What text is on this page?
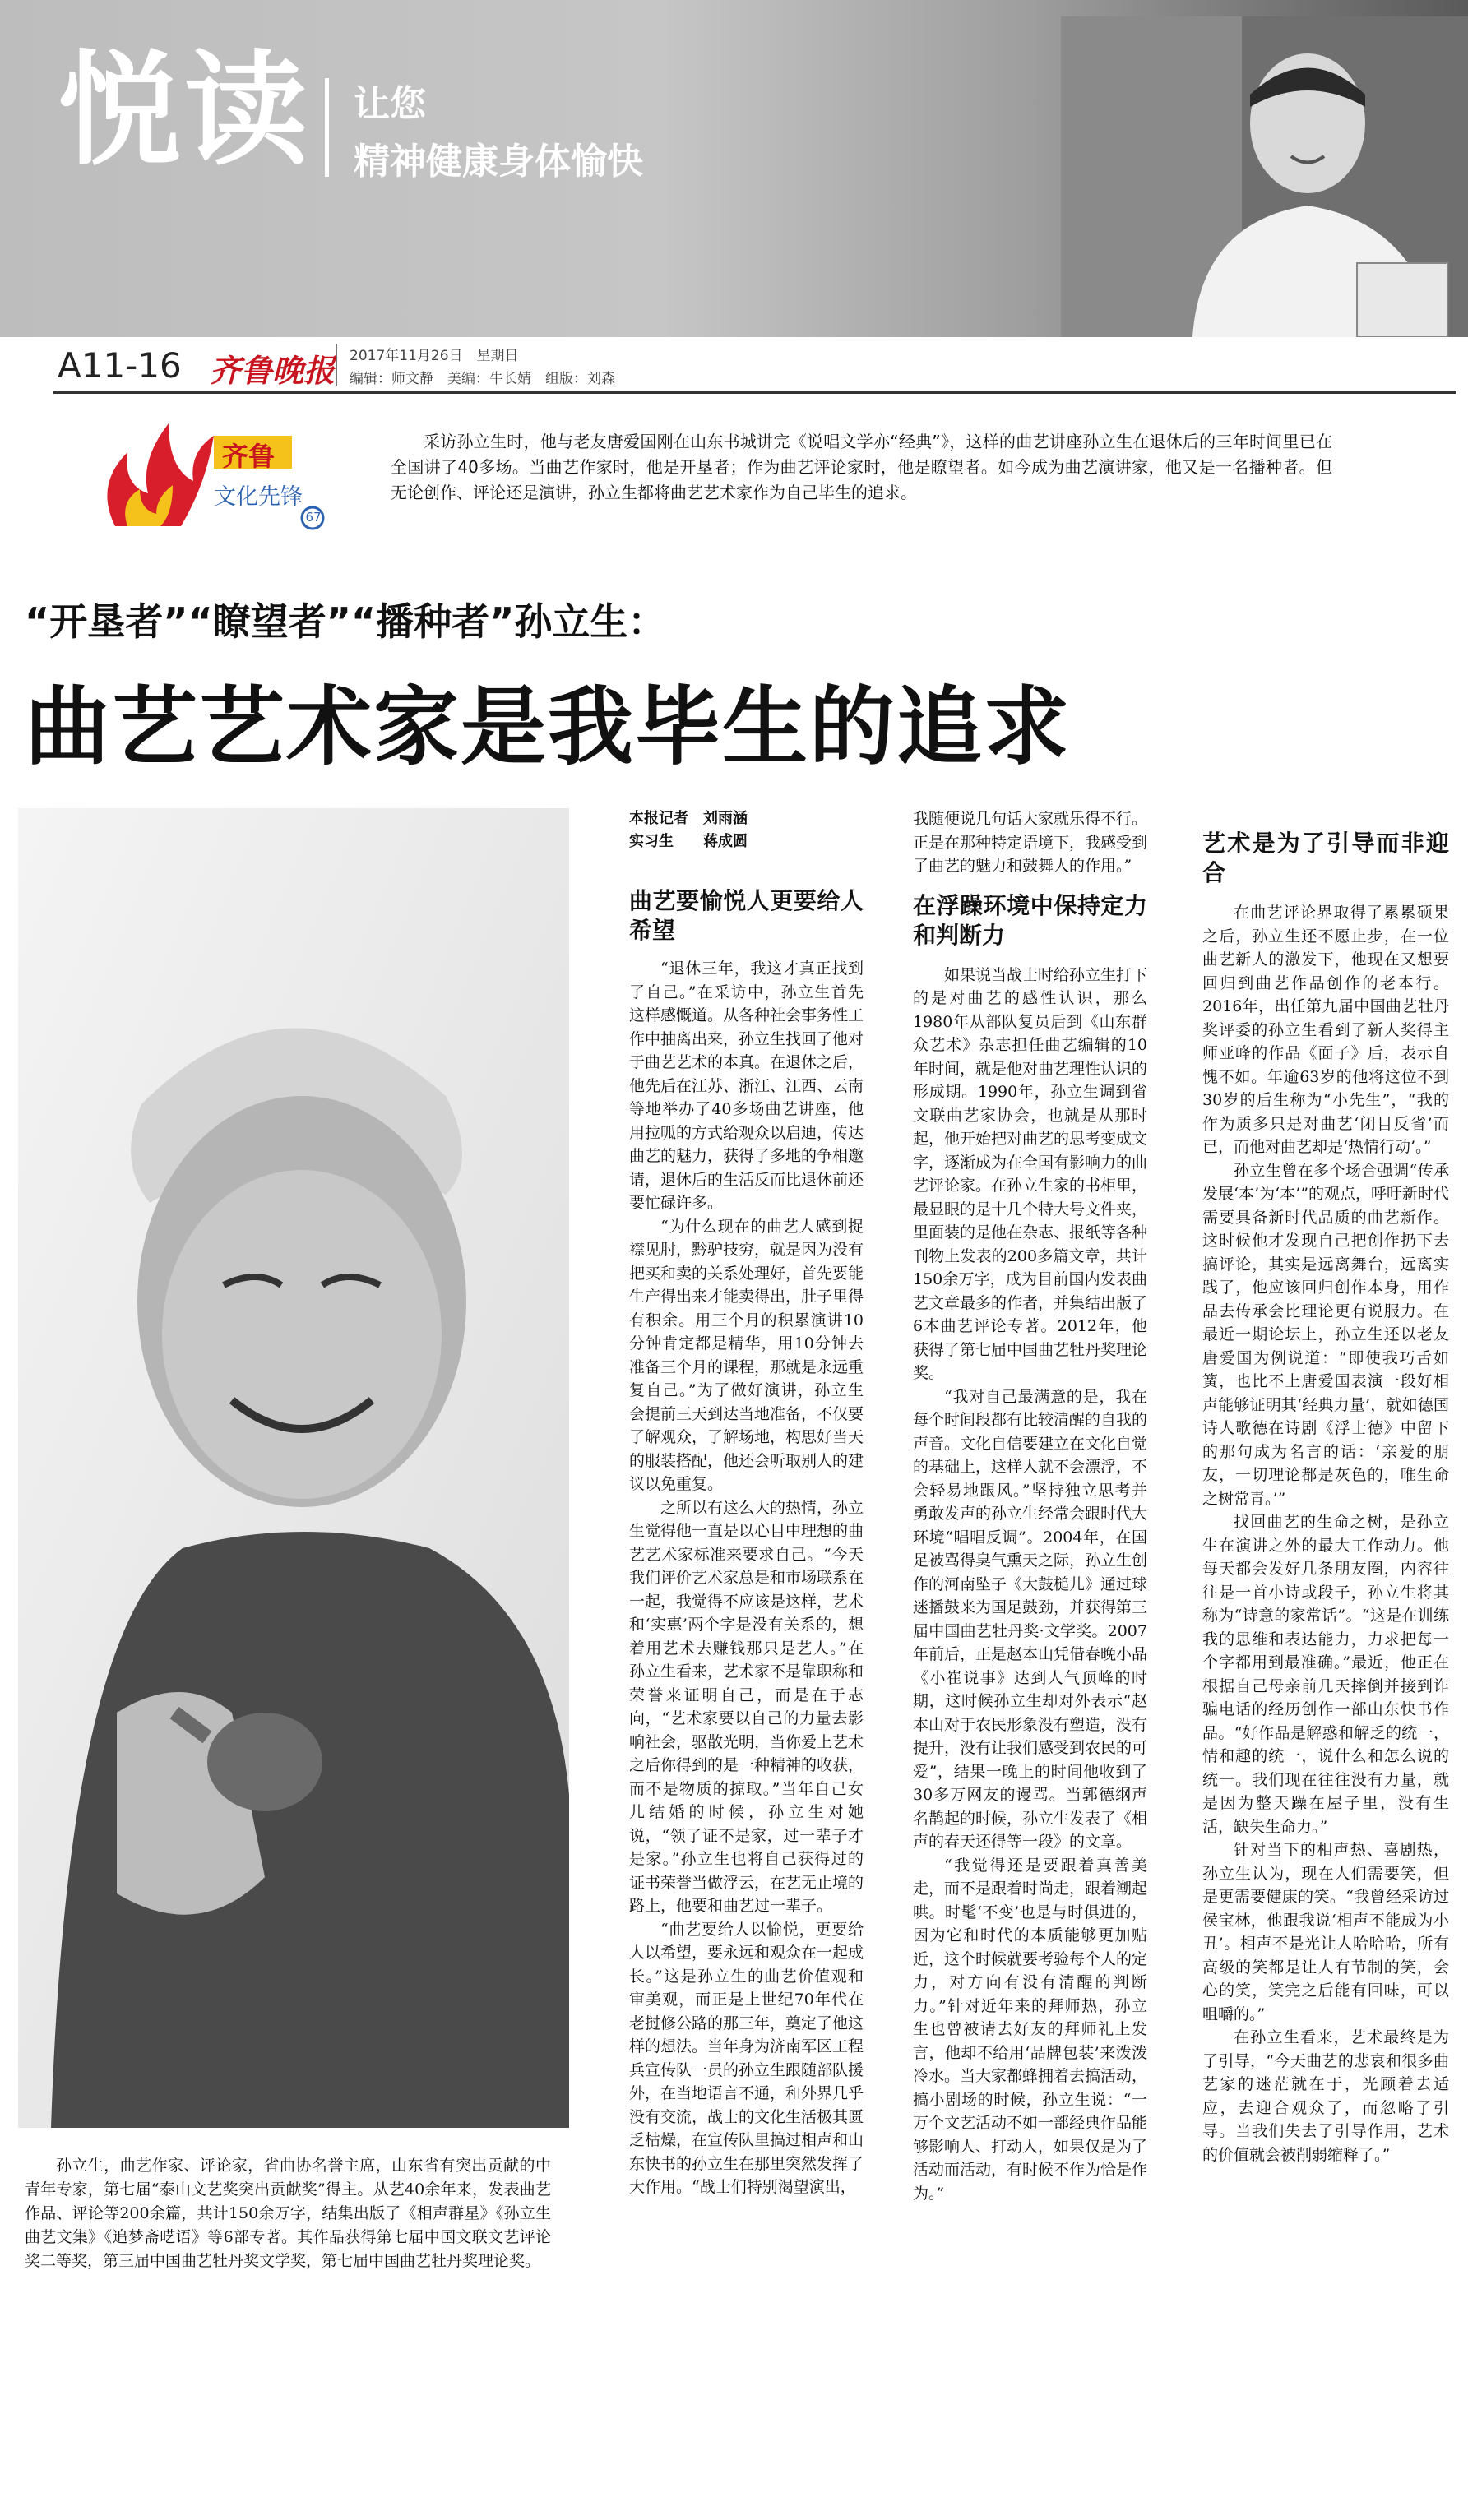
悦读 让您
精神健康身体愉快
A11-16 齐鲁晚报 2017年11月26日　星期日
编辑：师文静　美编：牛长婧　组版：刘森
齐鲁
文化先锋
67
采访孙立生时，他与老友唐爱国刚在山东书城讲完《说唱文学亦“经典”》，这样的曲艺讲座孙立生在退休后的三年时间里已在全国讲了40多场。当曲艺作家时，他是开垦者；作为曲艺评论家时，他是瞭望者。如今成为曲艺演讲家，他又是一名播种者。但无论创作、评论还是演讲，孙立生都将曲艺艺术家作为自己毕生的追求。
“开垦者”“瞭望者”“播种者”孙立生：
曲艺艺术家是我毕生的追求
孙立生，曲艺作家、评论家，省曲协名誉主席，山东省有突出贡献的中青年专家，第七届“泰山文艺奖突出贡献奖”得主。从艺40余年来，发表曲艺作品、评论等200余篇，共计150余万字，结集出版了《相声群星》《孙立生曲艺文集》《追梦斋呓语》等6部专著。其作品获得第七届中国文联文艺评论奖二等奖，第三届中国曲艺牡丹奖文学奖，第七届中国曲艺牡丹奖理论奖。
本报记者　刘雨涵
实习生　　蒋成圆
曲艺要愉悦人更要给人希望

“退休三年，我这才真正找到了自己。”在采访中，孙立生首先这样感慨道。从各种社会事务性工作中抽离出来，孙立生找回了他对于曲艺艺术的本真。在退休之后，他先后在江苏、浙江、江西、云南等地举办了40多场曲艺讲座，他用拉呱的方式给观众以启迪，传达曲艺的魅力，获得了多地的争相邀请，退休后的生活反而比退休前还要忙碌许多。

“为什么现在的曲艺人感到捉襟见肘，黔驴技穷，就是因为没有把买和卖的关系处理好，首先要能生产得出来才能卖得出，肚子里得有积余。用三个月的积累演讲10分钟肯定都是精华，用10分钟去准备三个月的课程，那就是永远重复自己。”为了做好演讲，孙立生会提前三天到达当地准备，不仅要了解观众，了解场地，构思好当天的服装搭配，他还会听取别人的建议以免重复。

之所以有这么大的热情，孙立生觉得他一直是以心目中理想的曲艺艺术家标准来要求自己。“今天我们评价艺术家总是和市场联系在一起，我觉得不应该是这样，艺术和‘实惠’两个字是没有关系的，想着用艺术去赚钱那只是艺人。”在孙立生看来，艺术家不是靠职称和荣誉来证明自己，而是在于志向，“艺术家要以自己的力量去影响社会，驱散光明，当你爱上艺术之后你得到的是一种精神的收获，而不是物质的掠取。”当年自己女儿结婚的时候，孙立生对她说，“领了证不是家，过一辈子才是家。”孙立生也将自己获得过的证书荣誉当做浮云，在艺无止境的路上，他要和曲艺过一辈子。

“曲艺要给人以愉悦，更要给人以希望，要永远和观众在一起成长。”这是孙立生的曲艺价值观和审美观，而正是上世纪70年代在老挝修公路的那三年，奠定了他这样的想法。当年身为济南军区工程兵宣传队一员的孙立生跟随部队援外，在当地语言不通，和外界几乎没有交流，战士的文化生活极其匮乏枯燥，在宣传队里搞过相声和山东快书的孙立生在那里突然发挥了大作用。“战士们特别渴望演出，

我随便说几句话大家就乐得不行。正是在那种特定语境下，我感受到了曲艺的魅力和鼓舞人的作用。”

在浮躁环境中保持定力和判断力

如果说当战士时给孙立生打下的是对曲艺的感性认识，那么1980年从部队复员后到《山东群众艺术》杂志担任曲艺编辑的10年时间，就是他对曲艺理性认识的形成期。1990年，孙立生调到省文联曲艺家协会，也就是从那时起，他开始把对曲艺的思考变成文字，逐渐成为在全国有影响力的曲艺评论家。在孙立生家的书柜里，最显眼的是十几个特大号文件夹，里面装的是他在杂志、报纸等各种刊物上发表的200多篇文章，共计150余万字，成为目前国内发表曲艺文章最多的作者，并集结出版了6本曲艺评论专著。2012年，他获得了第七届中国曲艺牡丹奖理论奖。

“我对自己最满意的是，我在每个时间段都有比较清醒的自我的声音。文化自信要建立在文化自觉的基础上，这样人就不会漂浮，不会轻易地跟风。”坚持独立思考并勇敢发声的孙立生经常会跟时代大环境“唱唱反调”。2004年，在国足被骂得臭气熏天之际，孙立生创作的河南坠子《大鼓槌儿》通过球迷播鼓来为国足鼓劲，并获得第三届中国曲艺牡丹奖·文学奖。2007年前后，正是赵本山凭借春晚小品《小崔说事》达到人气顶峰的时期，这时候孙立生却对外表示“赵本山对于农民形象没有塑造，没有提升，没有让我们感受到农民的可爱”，结果一晚上的时间他收到了30多万网友的谩骂。当郭德纲声名鹊起的时候，孙立生发表了《相声的春天还得等一段》的文章。

“我觉得还是要跟着真善美走，而不是跟着时尚走，跟着潮起哄。时髦‘不变’也是与时俱进的，因为它和时代的本质能够更加贴近，这个时候就要考验每个人的定力，对方向有没有清醒的判断力。”针对近年来的拜师热，孙立生也曾被请去好友的拜师礼上发言，他却不给用‘品牌包装’来泼泼冷水。当大家都蜂拥着去搞活动，搞小剧场的时候，孙立生说：“一万个文艺活动不如一部经典作品能够影响人、打动人，如果仅是为了活动而活动，有时候不作为恰是作为。”

艺术是为了引导而非迎合

在曲艺评论界取得了累累硕果之后，孙立生还不愿止步，在一位曲艺新人的激发下，他现在又想要回归到曲艺作品创作的老本行。2016年，出任第九届中国曲艺牡丹奖评委的孙立生看到了新人奖得主师亚峰的作品《面子》后，表示自愧不如。年逾63岁的他将这位不到30岁的后生称为“小先生”，“我的作为质多只是对曲艺‘闭目反省’而已，而他对曲艺却是‘热情行动’。”

孙立生曾在多个场合强调“传承发展‘本’为‘本’”的观点，呼吁新时代需要具备新时代品质的曲艺新作。这时候他才发现自己把创作扔下去搞评论，其实是远离舞台，远离实践了，他应该回归创作本身，用作品去传承会比理论更有说服力。在最近一期论坛上，孙立生还以老友唐爱国为例说道：“即使我巧舌如簧，也比不上唐爱国表演一段好相声能够证明其‘经典力量’，就如德国诗人歌德在诗剧《浮士德》中留下的那句成为名言的话：‘亲爱的朋友，一切理论都是灰色的，唯生命之树常青。’”

找回曲艺的生命之树，是孙立生在演讲之外的最大工作动力。他每天都会发好几条朋友圈，内容往往是一首小诗或段子，孙立生将其称为“诗意的家常话”。“这是在训练我的思维和表达能力，力求把每一个字都用到最准确。”最近，他正在根据自己母亲前几天摔倒并接到诈骗电话的经历创作一部山东快书作品。“好作品是解惑和解乏的统一，情和趣的统一，说什么和怎么说的统一。我们现在往往没有力量，就是因为整天躁在屋子里，没有生活，缺失生命力。”

针对当下的相声热、喜剧热，孙立生认为，现在人们需要笑，但是更需要健康的笑。“我曾经采访过侯宝林，他跟我说‘相声不能成为小丑’。相声不是光让人哈哈哈，所有高级的笑都是让人有节制的笑，会心的笑，笑完之后能有回味，可以咀嚼的。”

在孙立生看来，艺术最终是为了引导，“今天曲艺的悲哀和很多曲艺家的迷茫就在于，光顾着去适应，去迎合观众了，而忽略了引导。当我们失去了引导作用，艺术的价值就会被削弱缩释了。”
